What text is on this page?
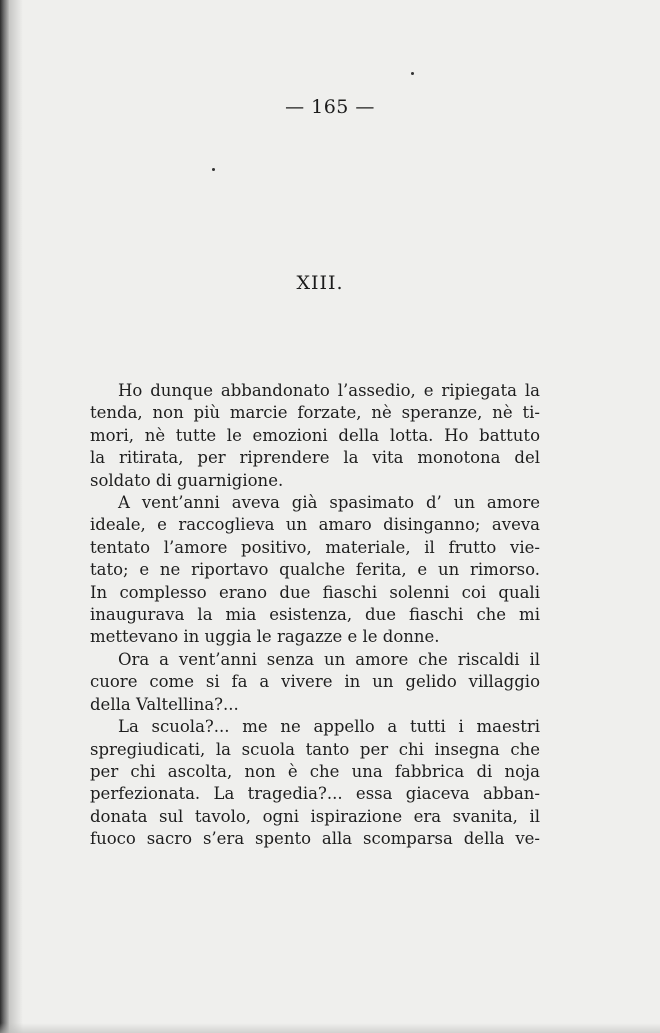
— 165 —
XIII.
Ho dunque abbandonato l’assedio, e ripiegata la
tenda, non più marcie forzate, nè speranze, nè ti-
mori, nè tutte le emozioni della lotta. Ho battuto
la ritirata, per riprendere la vita monotona del
soldato di guarnigione.
A vent’anni aveva già spasimato d’ un amore
ideale, e raccoglieva un amaro disinganno; aveva
tentato l’amore positivo, materiale, il frutto vie-
tato; e ne riportavo qualche ferita, e un rimorso.
In complesso erano due fiaschi solenni coi quali
inaugurava la mia esistenza, due fiaschi che mi
mettevano in uggia le ragazze e le donne.
Ora a vent’anni senza un amore che riscaldi il
cuore come si fa a vivere in un gelido villaggio
della Valtellina?...
La scuola?... me ne appello a tutti i maestri
spregiudicati, la scuola tanto per chi insegna che
per chi ascolta, non è che una fabbrica di noja
perfezionata. La tragedia?... essa giaceva abban-
donata sul tavolo, ogni ispirazione era svanita, il
fuoco sacro s’era spento alla scomparsa della ve-
